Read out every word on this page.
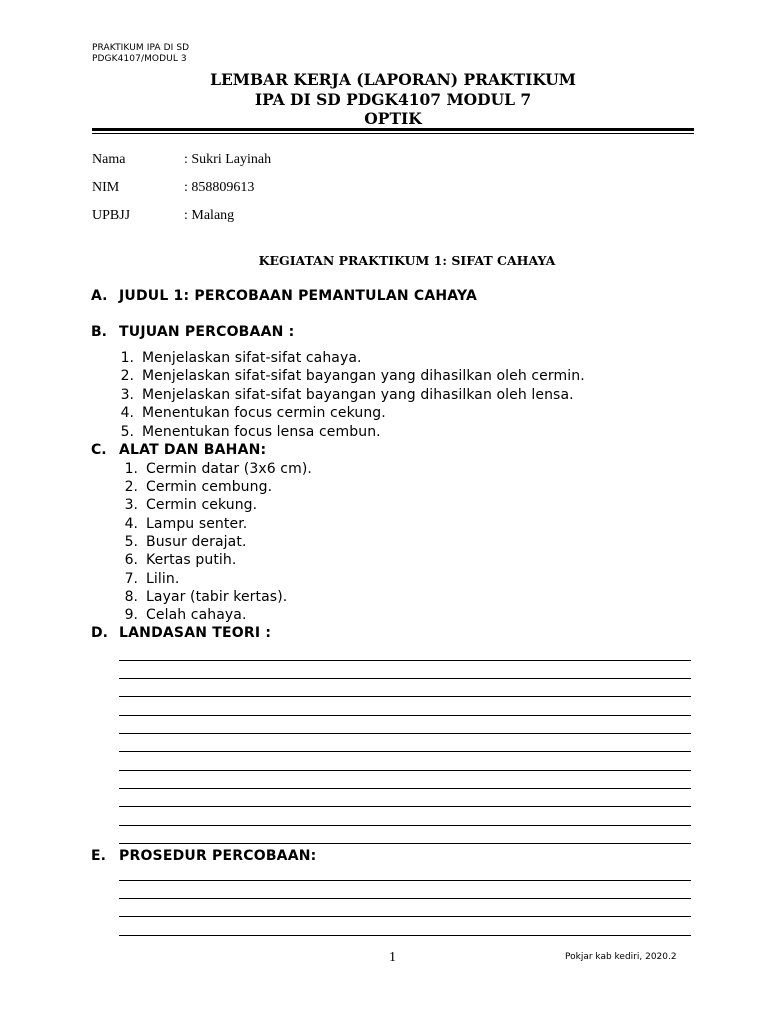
PRAKTIKUM IPA DI SD
PDGK4107/MODUL 3
LEMBAR KERJA (LAPORAN) PRAKTIKUM
IPA DI SD PDGK4107 MODUL 7
OPTIK
Nama	: Sukri Layinah
NIM	: 858809613
UPBJJ	: Malang
KEGIATAN PRAKTIKUM 1: SIFAT CAHAYA
A. JUDUL 1: PERCOBAAN PEMANTULAN CAHAYA
B. TUJUAN PERCOBAAN :
1. Menjelaskan sifat-sifat cahaya.
2. Menjelaskan sifat-sifat bayangan yang dihasilkan oleh cermin.
3. Menjelaskan sifat-sifat bayangan yang dihasilkan oleh lensa.
4. Menentukan focus cermin cekung.
5. Menentukan focus lensa cembun.
C. ALAT DAN BAHAN:
1. Cermin datar (3x6 cm).
2. Cermin cembung.
3. Cermin cekung.
4. Lampu senter.
5. Busur derajat.
6. Kertas putih.
7. Lilin.
8. Layar (tabir kertas).
9. Celah cahaya.
D. LANDASAN TEORI :
E. PROSEDUR PERCOBAAN:
1	Pokjar kab kediri, 2020.2
